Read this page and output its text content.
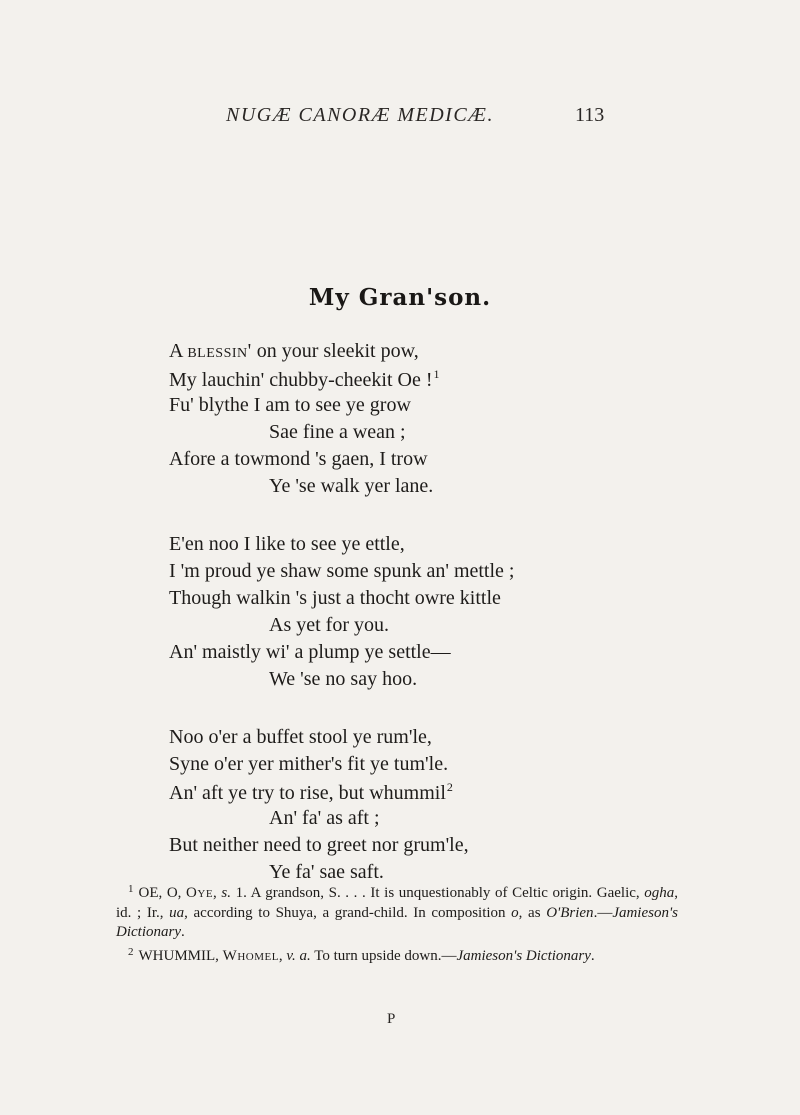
NUGÆ CANORÆ MEDICÆ.	113
My Gran'son.
A blessin' on your sleekit pow,
My lauchin' chubby-cheekit Oe !$^1$
Fu' blythe I am to see ye grow
Sae fine a wean ;
Afore a towmond 's gaen, I trow
Ye 'se walk yer lane.
E'en noo I like to see ye ettle,
I 'm proud ye shaw some spunk an' mettle ;
Though walkin 's just a thocht owre kittle
As yet for you.
An' maistly wi' a plump ye settle—
We 'se no say hoo.
Noo o'er a buffet stool ye rum'le,
Syne o'er yer mither's fit ye tum'le.
An' aft ye try to rise, but whummil$^2$
An' fa' as aft ;
But neither need to greet nor grum'le,
Ye fa' sae saft.

$^1$ OE, O, Oye, s. 1. A grandson, S. . . . It is unquestionably of Celtic origin. Gaelic, ogha, id. ; Ir., ua, according to Shuya, a grand-child. In composition o, as O'Brien.—Jamieson's Dictionary.

$^2$ WHUMMIL, Whomel, v. a. To turn upside down.—Jamieson's Dictionary.

P
